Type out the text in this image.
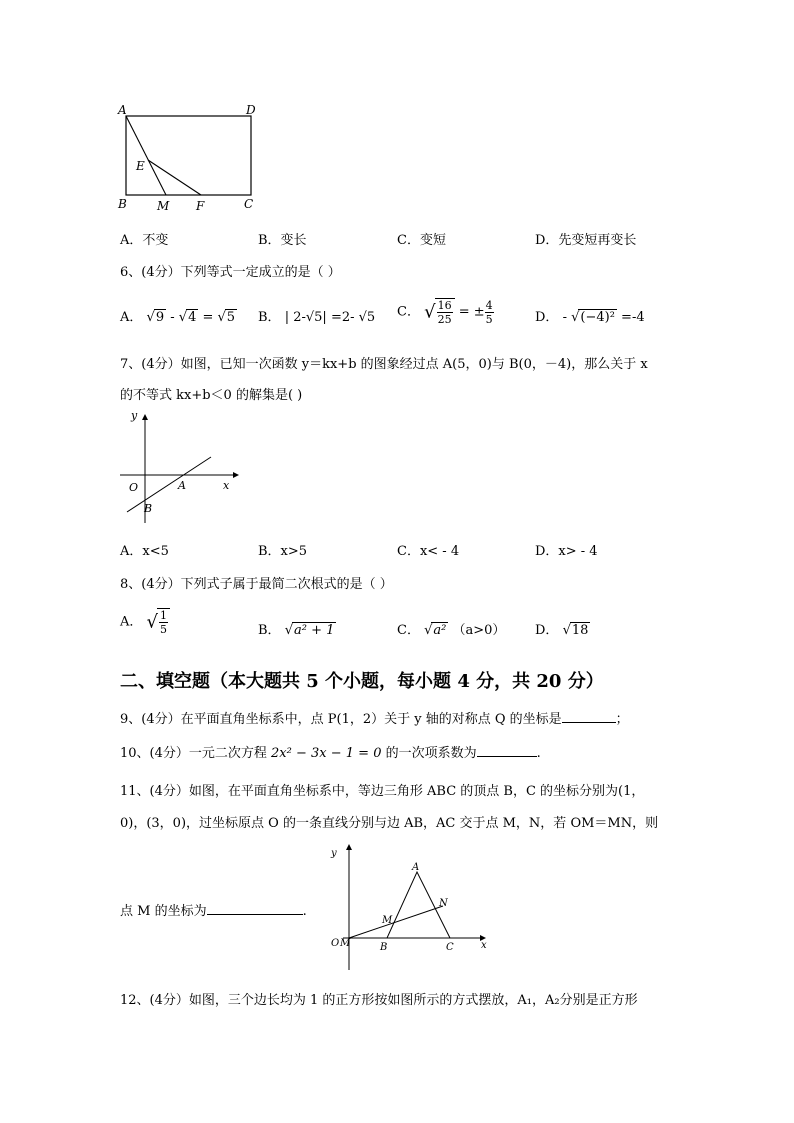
A	D
E
B	M F	C
A．不变	B．变长	C．变短	D．先变短再变长
6、(4分）下列等式一定成立的是（ ）
A． √9 - √4 = √5 B． | 2-√5| =2- √5 C． √ $\frac{16}{25}$ = ± $\frac{4}{5}$	D． - √(−4)² =-4
7、(4分）如图，已知一次函数 y＝kx+b 的图象经过点 A(5，0)与 B(0，－4)，那么关于 x
的不等式 kx+b＜0 的解集是( )
y
x
O	A
B
A．x<5	B．x>5	C．x< - 4	D．x> - 4
8、(4分）下列式子属于最简二次根式的是（ ）
A． √ $\frac{1}{5}$	B． √a² + 1	C． √a² （a>0） D． √18
二、填空题（本大题共 5 个小题，每小题 4 分，共 20 分）
9、(4分）在平面直角坐标系中，点 P(1，2）关于 y 轴的对称点 Q 的坐标是	；
10、(4分）一元二次方程 2x² − 3x − 1 = 0 的一次项系数为	.
11、(4分）如图，在平面直角坐标系中，等边三角形 ABC 的顶点 B，C 的坐标分别为(1，
0)，(3，0)，过坐标原点 O 的一条直线分别与边 AB，AC 交于点 M，N，若 OM＝MN，则
点 M 的坐标为	.
y
x
O M
A
B	C
M
N
12、(4分）如图，三个边长均为 1 的正方形按如图所示的方式摆放，A₁，A₂分别是正方形
